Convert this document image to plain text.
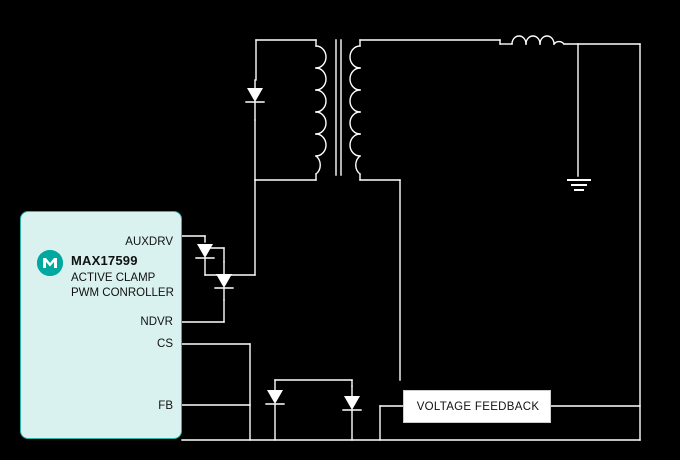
MAX17599
ACTIVE CLAMP
PWM CONROLLER
AUXDRV
NDVR
CS
FB	VOLTAGE FEEDBACK
